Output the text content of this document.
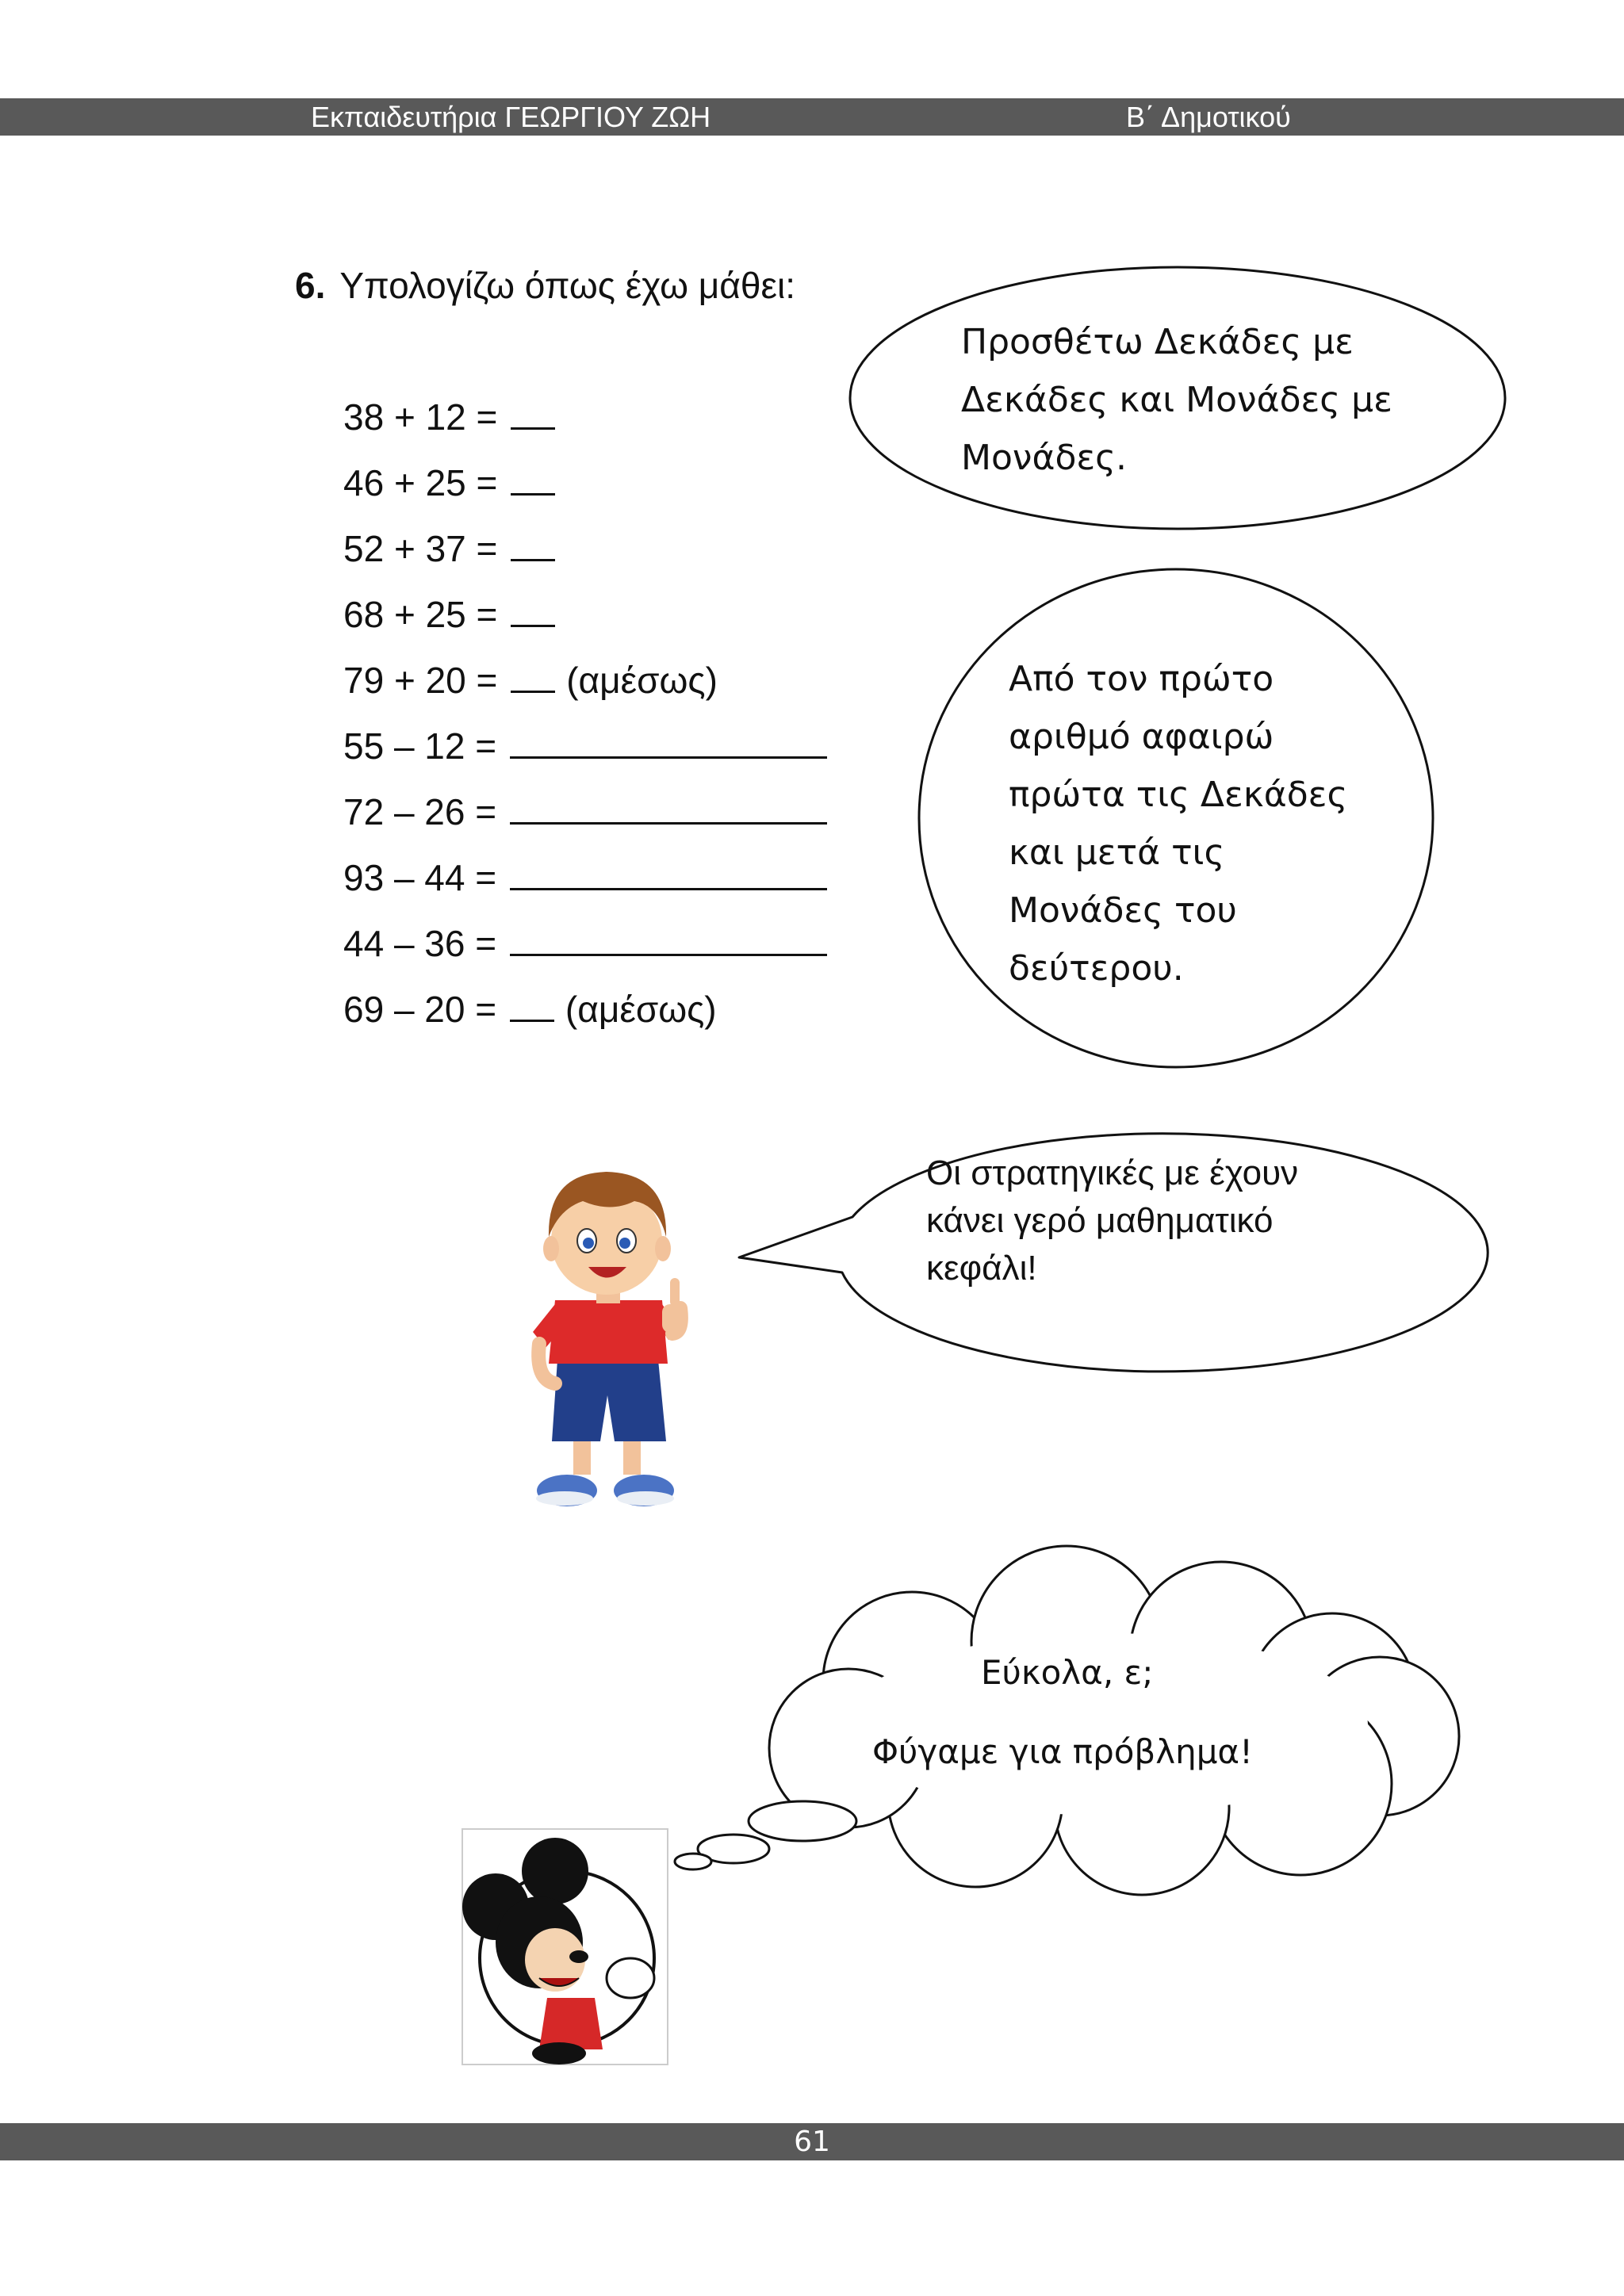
Εκπαιδευτήρια ΓΕΩΡΓΙΟΥ ΖΩΗ	Β΄ Δημοτικού
6. Υπολογίζω όπως έχω μάθει:
38 + 12 =
46 + 25 =
52 + 37 =
68 + 25 =
79 + 20 = (αμέσως)
55 – 12 =
72 – 26 =
93 – 44 =
44 – 36 =
69 – 20 = (αμέσως)
Προσθέτω Δεκάδες με
Δεκάδες και Μονάδες με
Μονάδες.
Από τον πρώτο
αριθμό αφαιρώ
πρώτα τις Δεκάδες
και μετά τις
Μονάδες του
δεύτερου.
Οι στρατηγικές με έχουν
κάνει γερό μαθηματικό
κεφάλι!
Εύκολα, ε;
Φύγαμε για πρόβλημα!
61
